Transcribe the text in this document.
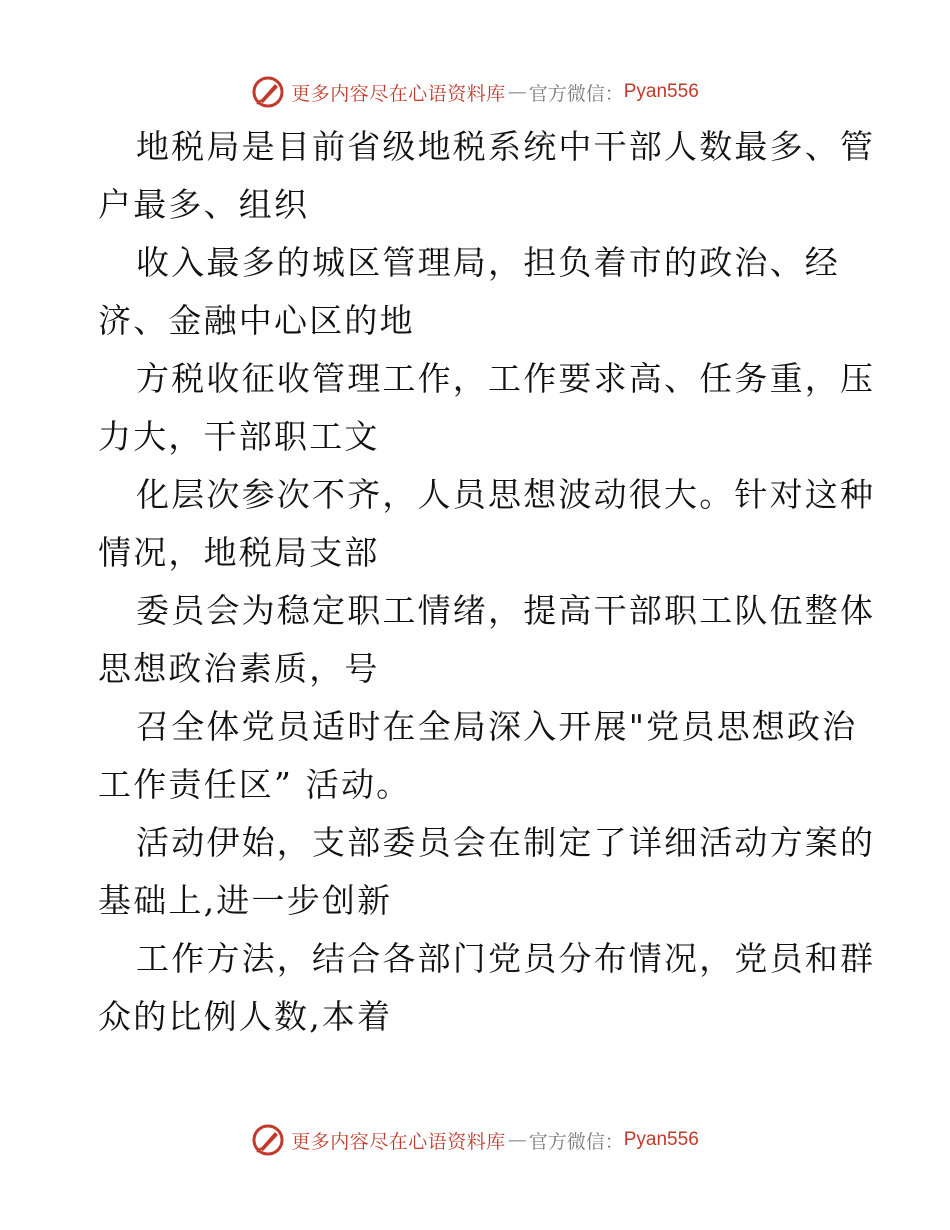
更多内容尽在心语资料库 — 官方微信： Pyan556
地税局是目前省级地税系统中干部人数最多、管
户最多、组织
收入最多的城区管理局，担负着市的政治、经
济、金融中心区的地
方税收征收管理工作，工作要求高、任务重，压
力大，干部职工文
化层次参次不齐，人员思想波动很大。针对这种
情况，地税局支部
委员会为稳定职工情绪，提高干部职工队伍整体
思想政治素质，号
召全体党员适时在全局深入开展"党员思想政治
工作责任区” 活动。
活动伊始，支部委员会在制定了详细活动方案的
基础上,进一步创新
工作方法，结合各部门党员分布情况，党员和群
众的比例人数,本着
更多内容尽在心语资料库 — 官方微信： Pyan556
